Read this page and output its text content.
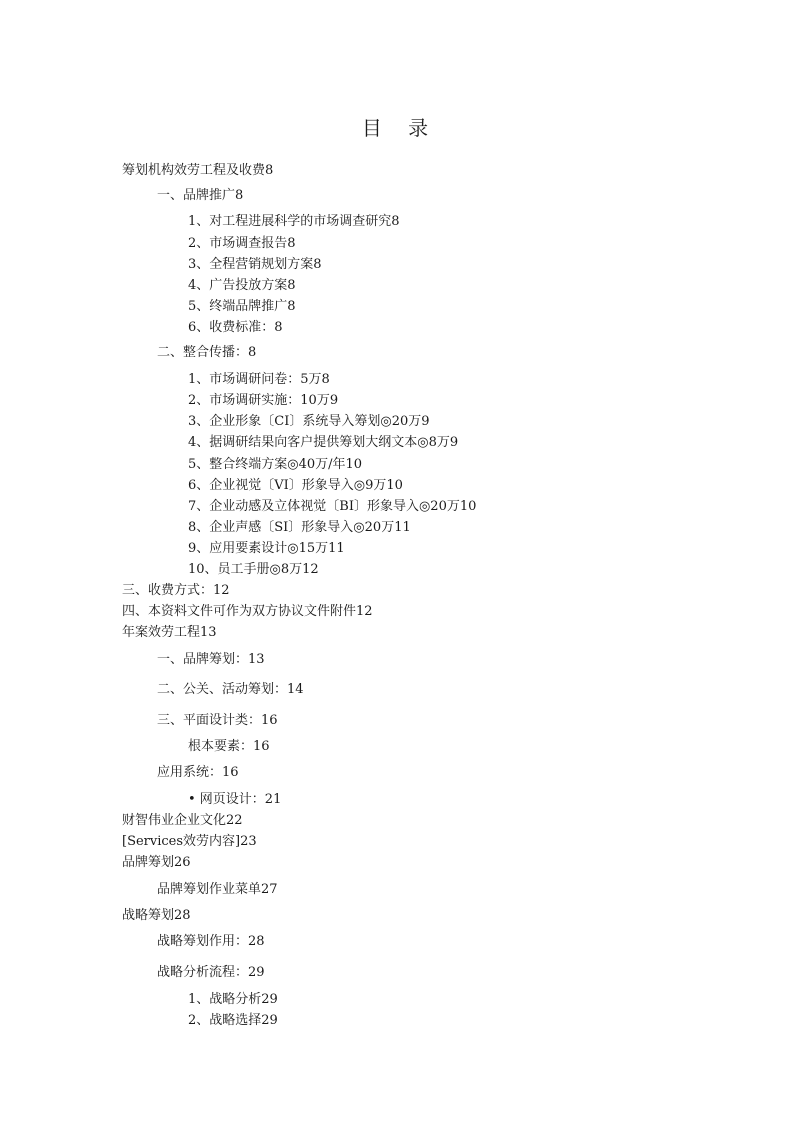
目 录
筹划机构效劳工程及收费8
一、品牌推广8
1、对工程进展科学的市场调查研究8
2、市场调查报告8
3、全程营销规划方案8
4、广告投放方案8
5、终端品牌推广8
6、收费标准：8
二、整合传播：8
1、市场调研问卷：5万8
2、市场调研实施：10万9
3、企业形象〔CI〕系统导入筹划◎20万9
4、据调研结果向客户提供筹划大纲文本◎8万9
5、整合终端方案◎40万/年10
6、企业视觉〔VI〕形象导入◎9万10
7、企业动感及立体视觉〔BI〕形象导入◎20万10
8、企业声感〔SI〕形象导入◎20万11
9、应用要素设计◎15万11
10、员工手册◎8万12
三、收费方式：12
四、本资料文件可作为双方协议文件附件12
年案效劳工程13
一、品牌筹划：13
二、公关、活动筹划：14
三、平面设计类：16
根本要素：16
应用系统：16
• 网页设计：21
财智伟业企业文化22
[Services效劳内容]23
品牌筹划26
品牌筹划作业菜单27
战略筹划28
战略筹划作用：28
战略分析流程：29
1、战略分析29
2、战略选择29
